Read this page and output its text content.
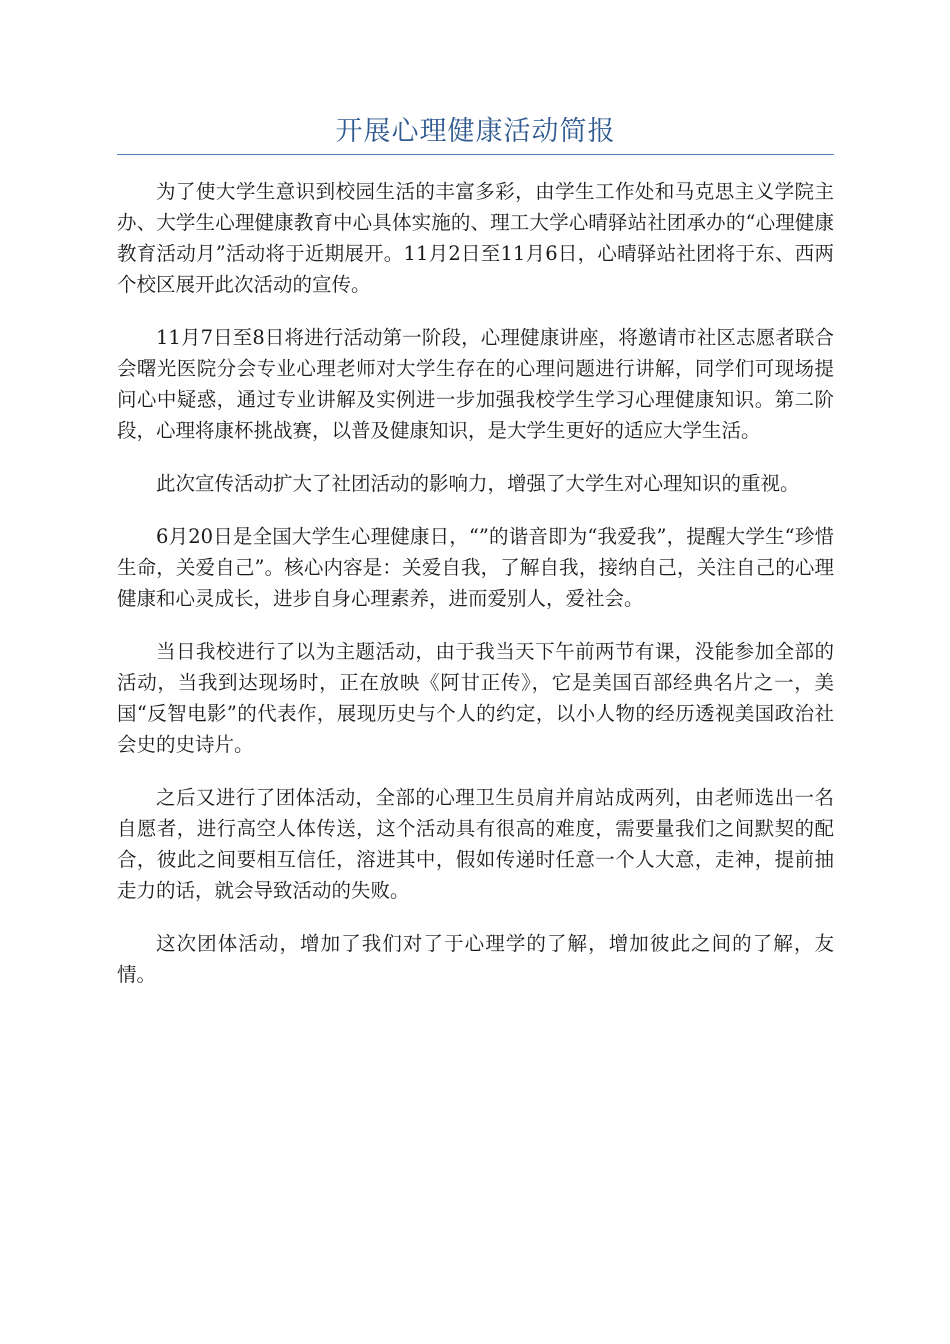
开展心理健康活动简报

为了使大学生意识到校园生活的丰富多彩，由学生工作处和马克思主义学院主办、大学生心理健康教育中心具体实施的、理工大学心晴驿站社团承办的“心理健康教育活动月”活动将于近期展开。11月2日至11月6日，心晴驿站社团将于东、西两个校区展开此次活动的宣传。

11月7日至8日将进行活动第一阶段，心理健康讲座，将邀请市社区志愿者联合会曙光医院分会专业心理老师对大学生存在的心理问题进行讲解，同学们可现场提问心中疑惑，通过专业讲解及实例进一步加强我校学生学习心理健康知识。第二阶段，心理将康杯挑战赛，以普及健康知识，是大学生更好的适应大学生活。

此次宣传活动扩大了社团活动的影响力，增强了大学生对心理知识的重视。

6月20日是全国大学生心理健康日，“”的谐音即为“我爱我”，提醒大学生“珍惜生命，关爱自己”。核心内容是：关爱自我，了解自我，接纳自己，关注自己的心理健康和心灵成长，进步自身心理素养，进而爱别人，爱社会。

当日我校进行了以为主题活动，由于我当天下午前两节有课，没能参加全部的活动，当我到达现场时，正在放映《阿甘正传》，它是美国百部经典名片之一，美国“反智电影”的代表作，展现历史与个人的约定，以小人物的经历透视美国政治社会史的史诗片。

之后又进行了团体活动，全部的心理卫生员肩并肩站成两列，由老师选出一名自愿者，进行高空人体传送，这个活动具有很高的难度，需要量我们之间默契的配合，彼此之间要相互信任，溶进其中，假如传递时任意一个人大意，走神，提前抽走力的话，就会导致活动的失败。

这次团体活动，增加了我们对了于心理学的了解，增加彼此之间的了解，友情。
